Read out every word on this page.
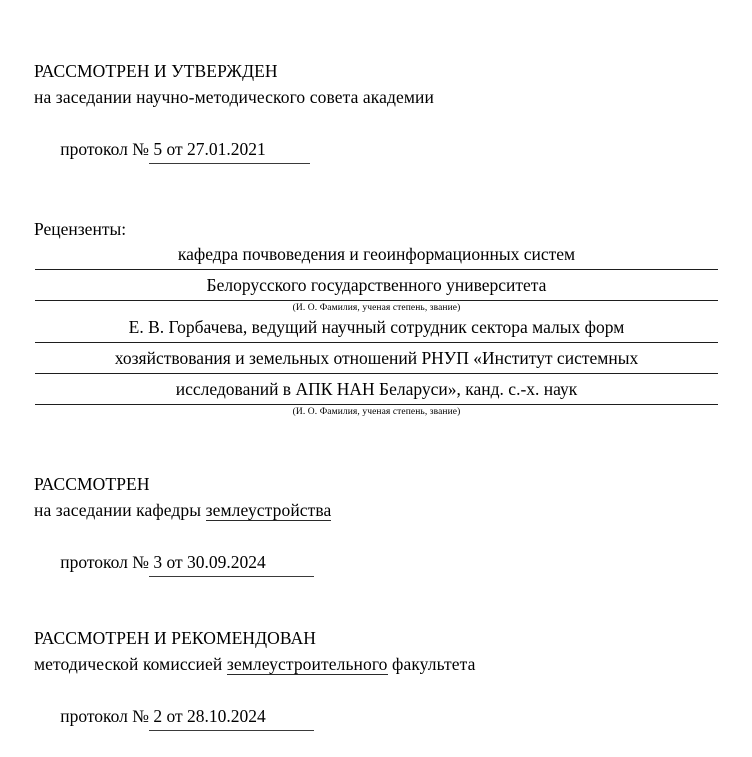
РАССМОТРЕН И УТВЕРЖДЕН
на заседании научно-методического совета академии

протокол № 5 от 27.01.2021

Рецензенты:
кафедра почвоведения и геоинформационных систем
Белорусского государственного университета
(И. О. Фамилия, ученая степень, звание)
Е. В. Горбачева, ведущий научный сотрудник сектора малых форм
хозяйствования и земельных отношений РНУП «Институт системных
исследований в АПК НАН Беларуси», канд. с.-х. наук
(И. О. Фамилия, ученая степень, звание)
РАССМОТРЕН
на заседании кафедры землеустройства

протокол № 3 от 30.09.2024

РАССМОТРЕН И РЕКОМЕНДОВАН
методической комиссией землеустроительного факультета

протокол № 2 от 28.10.2024
